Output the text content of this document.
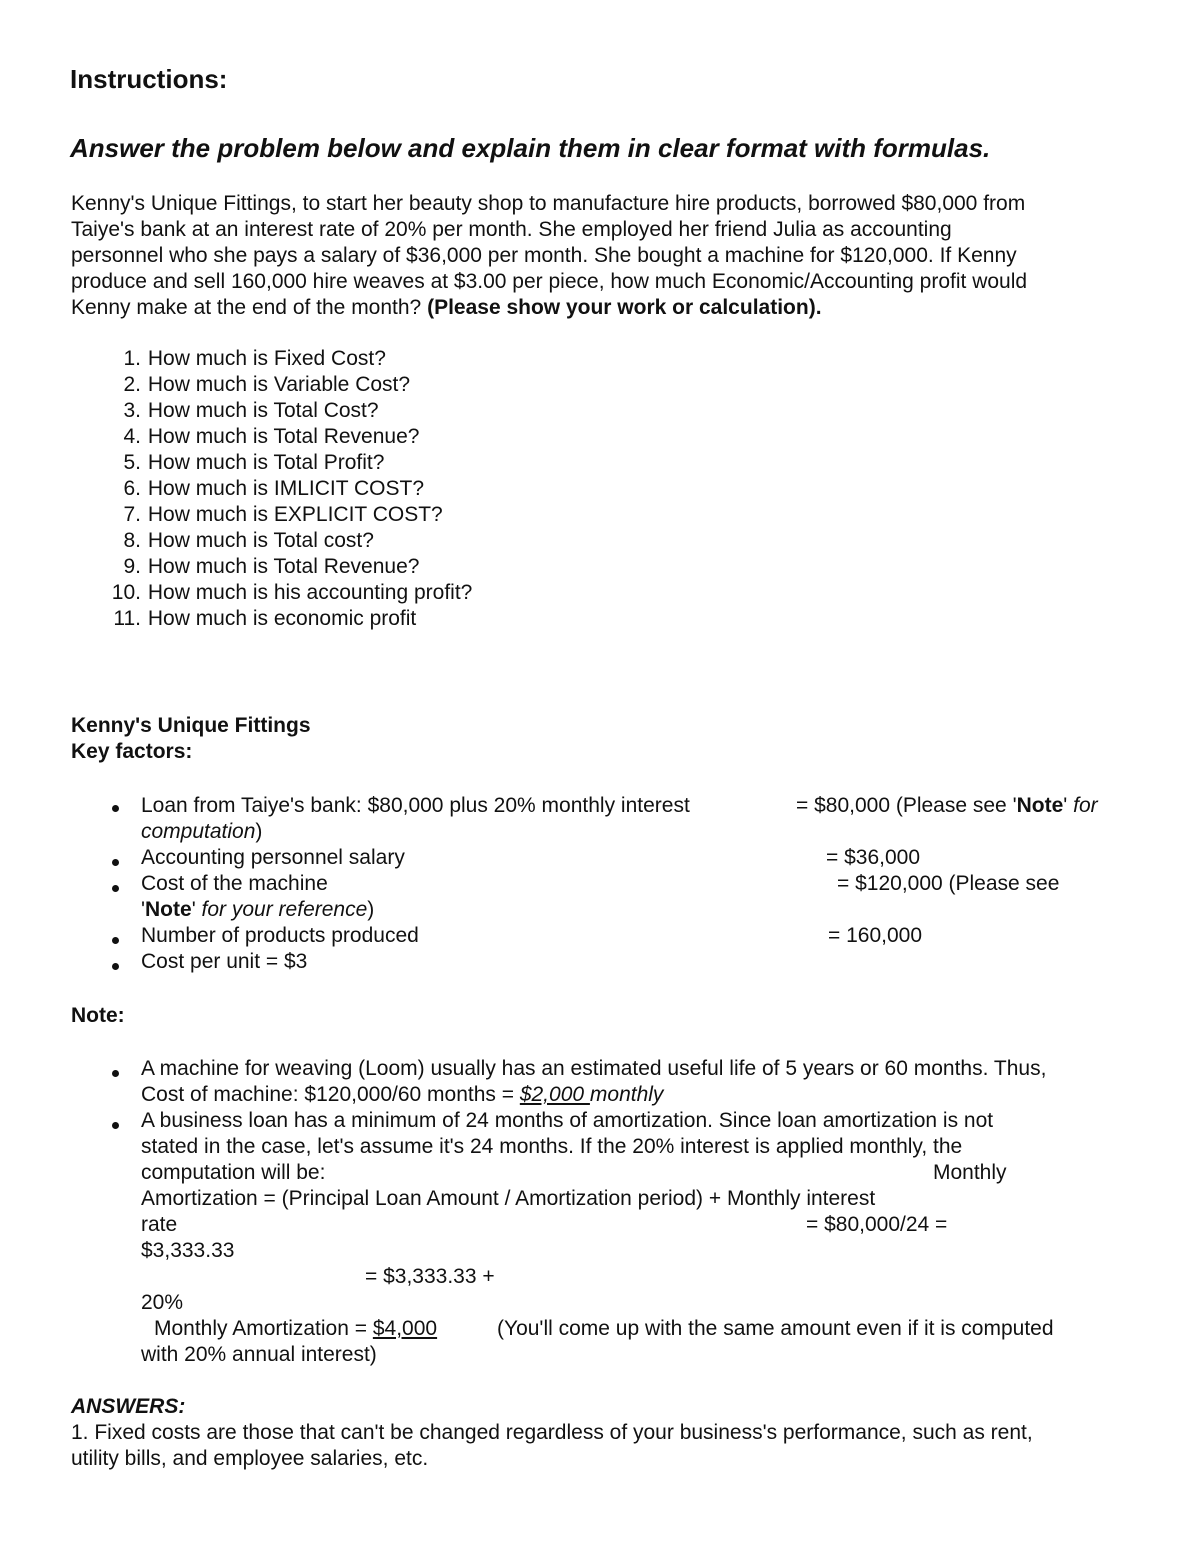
Instructions:
Answer the problem below and explain them in clear format with formulas.
Kenny's Unique Fittings, to start her beauty shop to manufacture hire products, borrowed $80,000 from
Taiye's bank at an interest rate of 20% per month. She employed her friend Julia as accounting
personnel who she pays a salary of $36,000 per month. She bought a machine for $120,000. If Kenny
produce and sell 160,000 hire weaves at $3.00 per piece, how much Economic/Accounting profit would
Kenny make at the end of the month? (Please show your work or calculation).
1. How much is Fixed Cost?
2. How much is Variable Cost?
3. How much is Total Cost?
4. How much is Total Revenue?
5. How much is Total Profit?
6. How much is IMLICIT COST?
7. How much is EXPLICIT COST?
8. How much is Total cost?
9. How much is Total Revenue?
10. How much is his accounting profit?
11. How much is economic profit
Kenny's Unique Fittings
Key factors:
Loan from Taiye's bank: $80,000 plus 20% monthly interest	= $80,000 (Please see 'Note' for
computation)
Accounting personnel salary	= $36,000
Cost of the machine	= $120,000 (Please see
'Note' for your reference)
Number of products produced	= 160,000
Cost per unit = $3
Note:
A machine for weaving (Loom) usually has an estimated useful life of 5 years or 60 months. Thus,
Cost of machine: $120,000/60 months = $2,000 monthly
A business loan has a minimum of 24 months of amortization. Since loan amortization is not
stated in the case, let's assume it's 24 months. If the 20% interest is applied monthly, the
computation will be:	Monthly
Amortization = (Principal Loan Amount / Amortization period) + Monthly interest
rate	= $80,000/24 =
$3,333.33
= $3,333.33 +
20%
Monthly Amortization = $4,000	(You'll come up with the same amount even if it is computed
with 20% annual interest)
ANSWERS:
1. Fixed costs are those that can't be changed regardless of your business's performance, such as rent,
utility bills, and employee salaries, etc.
